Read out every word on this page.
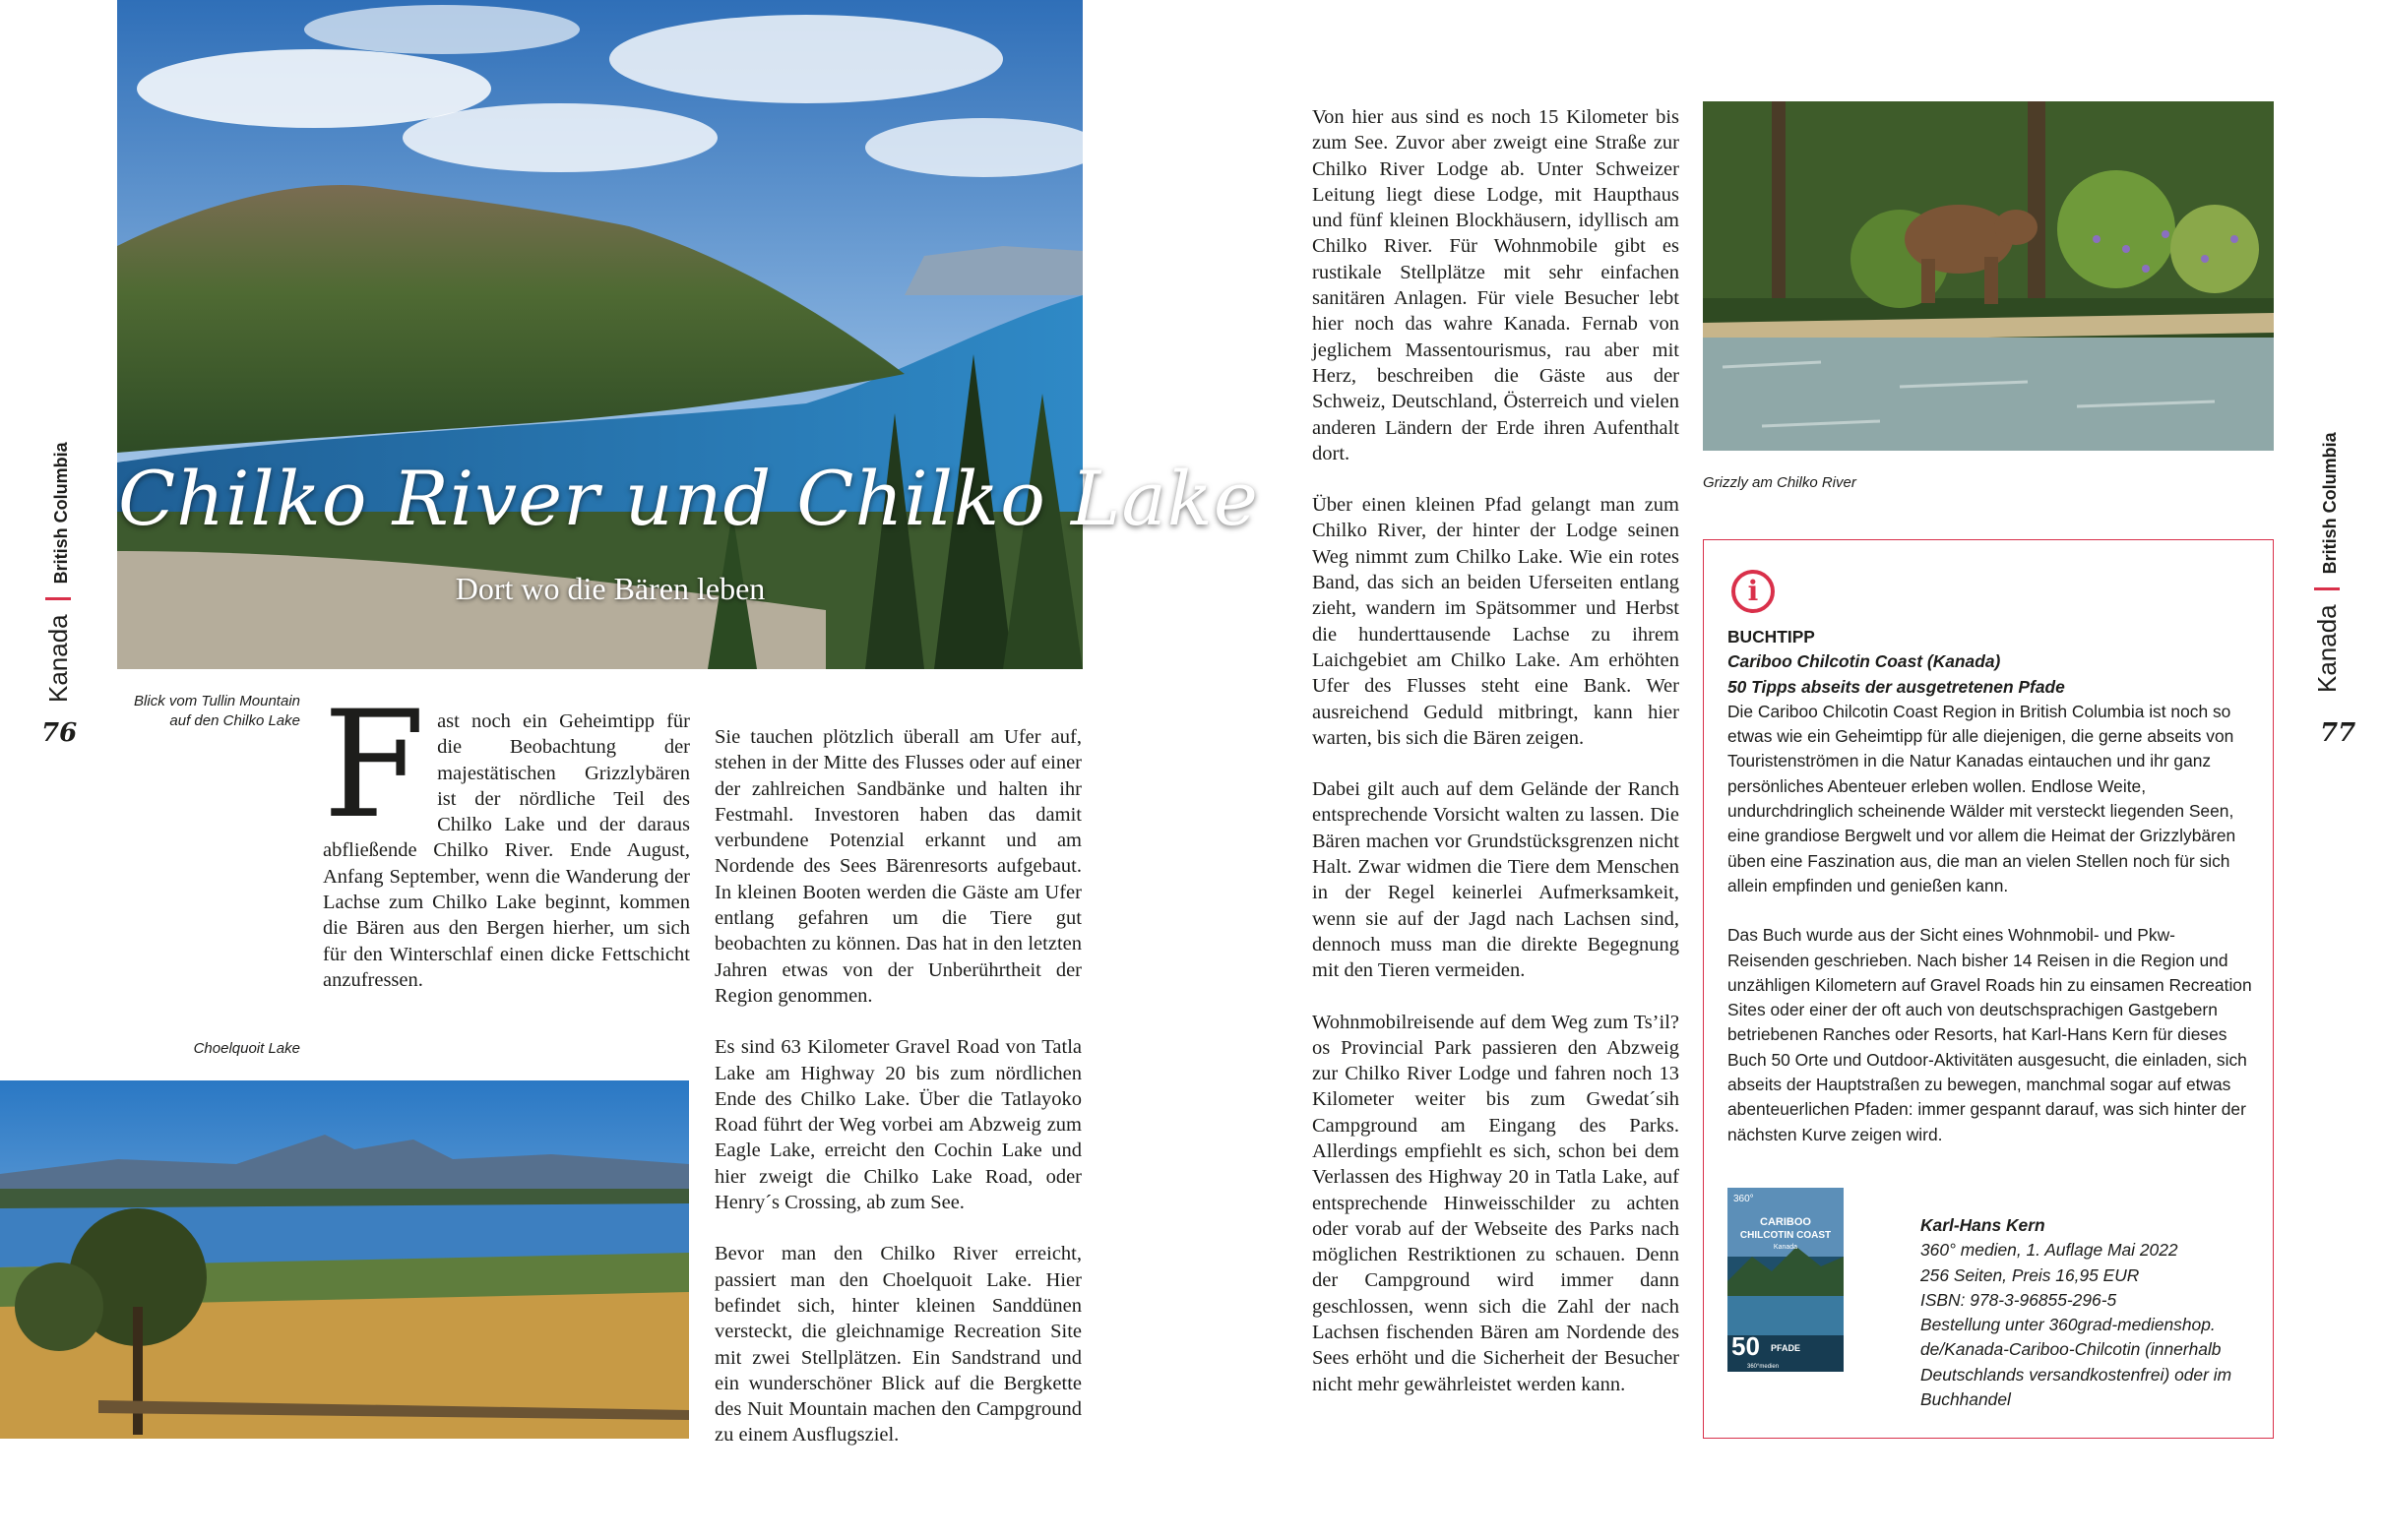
Chilko River und Chilko Lake
Dort wo die Bären leben
Blick vom Tullin Mountain
auf den Chilko Lake
KanadaBritish Columbia
76
Choelquoit Lake

Fast noch ein Geheimtipp für die Beobachtung der majestätischen Grizzlybären ist der nördliche Teil des Chilko Lake und der daraus abfließende Chilko River. Ende August, Anfang September, wenn die Wanderung der Lachse zum Chilko Lake beginnt, kommen die Bären aus den Bergen hierher, um sich für den Winterschlaf einen dicke Fettschicht anzufressen.

Sie tauchen plötzlich überall am Ufer auf, stehen in der Mitte des Flusses oder auf einer der zahlreichen Sandbänke und halten ihr Festmahl. Investoren haben das damit verbundene Potenzial erkannt und am Nordende des Sees Bärenresorts aufgebaut. In kleinen Booten werden die Gäste am Ufer entlang gefahren um die Tiere gut beobachten zu können. Das hat in den letzten Jahren etwas von der Unberührtheit der Region genommen.

Es sind 63 Kilometer Gravel Road von Tatla Lake am Highway 20 bis zum nördlichen Ende des Chilko Lake. Über die Tatlayoko Road führt der Weg vorbei am Abzweig zum Eagle Lake, erreicht den Cochin Lake und hier zweigt die Chilko Lake Road, oder Henry´s Crossing, ab zum See.

Bevor man den Chilko River erreicht, passiert man den Choelquoit Lake. Hier befindet sich, hinter kleinen Sanddünen versteckt, die gleichnamige Recreation Site mit zwei Stellplätzen. Ein Sandstrand und ein wunderschöner Blick auf die Bergkette des Nuit Mountain machen den Campground zu einem Ausflugsziel.

Von hier aus sind es noch 15 Kilometer bis zum See. Zuvor aber zweigt eine Straße zur Chilko River Lodge ab. Unter Schweizer Leitung liegt diese Lodge, mit Haupthaus und fünf kleinen Blockhäusern, idyllisch am Chilko River. Für Wohnmobile gibt es rustikale Stellplätze mit sehr einfachen sanitären Anlagen. Für viele Besucher lebt hier noch das wahre Kanada. Fernab von jeglichem Massentourismus, rau aber mit Herz, beschreiben die Gäste aus der Schweiz, Deutschland, Österreich und vielen anderen Ländern der Erde ihren Aufenthalt dort.

Über einen kleinen Pfad gelangt man zum Chilko River, der hinter der Lodge seinen Weg nimmt zum Chilko Lake. Wie ein rotes Band, das sich an beiden Uferseiten entlang zieht, wandern im Spätsommer und Herbst die hunderttausende Lachse zu ihrem Laichgebiet am Chilko Lake. Am erhöhten Ufer des Flusses steht eine Bank. Wer ausreichend Geduld mitbringt, kann hier warten, bis sich die Bären zeigen.

Dabei gilt auch auf dem Gelände der Ranch entsprechende Vorsicht walten zu lassen. Die Bären machen vor Grundstücksgrenzen nicht Halt. Zwar widmen die Tiere dem Menschen in der Regel keinerlei Aufmerksamkeit, wenn sie auf der Jagd nach Lachsen sind, dennoch muss man die direkte Begegnung mit den Tieren vermeiden.

Wohnmobilreisende auf dem Weg zum Ts’il?os Provincial Park passieren den Abzweig zur Chilko River Lodge und fahren noch 13 Kilometer weiter bis zum Gwedat´sih Campground am Eingang des Parks. Allerdings empfiehlt es sich, schon bei dem Verlassen des Highway 20 in Tatla Lake, auf entsprechende Hinweisschilder zu achten oder vorab auf der Webseite des Parks nach möglichen Restriktionen zu schauen. Denn der Campground wird immer dann geschlossen, wenn sich die Zahl der nach Lachsen fischenden Bären am Nordende des Sees erhöht und die Sicherheit der Besucher nicht mehr gewährleistet werden kann.

Grizzly am Chilko River
KanadaBritish Columbia
77
i
BUCHTIPP
Cariboo Chilcotin Coast (Kanada)
50 Tipps abseits der ausgetretenen Pfade
Die Cariboo Chilcotin Coast Region in British Columbia ist noch so etwas wie ein Geheimtipp für alle diejenigen, die gerne abseits von Touristenströmen in die Natur Kanadas eintauchen und ihr ganz persönliches Abenteuer erleben wollen. Endlose Weite, undurchdringlich scheinende Wälder mit versteckt liegenden Seen, eine grandiose Bergwelt und vor allem die Heimat der Grizzlybären üben eine Faszination aus, die man an vielen Stellen noch für sich allein empfinden und genießen kann.
Das Buch wurde aus der Sicht eines Wohnmobil- und Pkw-Reisenden geschrieben. Nach bisher 14 Reisen in die Region und unzähligen Kilometern auf Gravel Roads hin zu einsamen Recreation Sites oder einer der oft auch von deutschsprachigen Gastgebern betriebenen Ranches oder Resorts, hat Karl-Hans Kern für dieses Buch 50 Orte und Outdoor-Aktivitäten ausgesucht, die einladen, sich abseits der Hauptstraßen zu bewegen, manchmal sogar auf etwas abenteuerlichen Pfaden: immer gespannt darauf, was sich hinter der nächsten Kurve zeigen wird.
360°
CARIBOO
CHILCOTIN COAST
Kanada
50 PFADE
360°medien
Karl-Hans Kern
360° medien, 1. Auflage Mai 2022
256 Seiten, Preis 16,95 EUR
ISBN: 978-3-96855-296-5
Bestellung unter 360grad-medienshop. de/Kanada-Cariboo-Chilcotin (innerhalb Deutschlands versandkostenfrei) oder im Buchhandel
